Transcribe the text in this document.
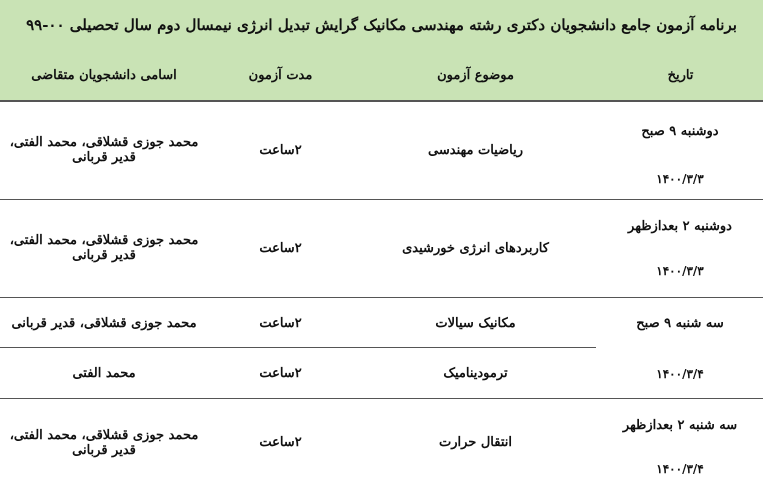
برنامه آزمون جامع دانشجویان دکتری رشته مهندسی مکانیک گرایش تبدیل انرژی نیمسال دوم سال تحصیلی ۰۰-۹۹
تاریخ
موضوع آزمون
مدت آزمون
اسامی دانشجویان متقاضی
دوشنبه ۹ صبح
۱۴۰۰/۳/۳
ریاضیات مهندسی
۲ساعت
محمد جوزی قشلاقی، محمد الفتی، قدیر قربانی
دوشنبه ۲ بعدازظهر
۱۴۰۰/۳/۳
کاربردهای انرژی خورشیدی
۲ساعت
محمد جوزی قشلاقی، محمد الفتی، قدیر قربانی
سه شنبه ۹ صبح
۱۴۰۰/۳/۴
مکانیک سیالات
۲ساعت
محمد جوزی قشلاقی، قدیر قربانی
ترمودینامیک
۲ساعت
محمد الفتی
سه شنبه ۲ بعدازظهر
۱۴۰۰/۳/۴
انتقال حرارت
۲ساعت
محمد جوزی قشلاقی، محمد الفتی، قدیر قربانی
